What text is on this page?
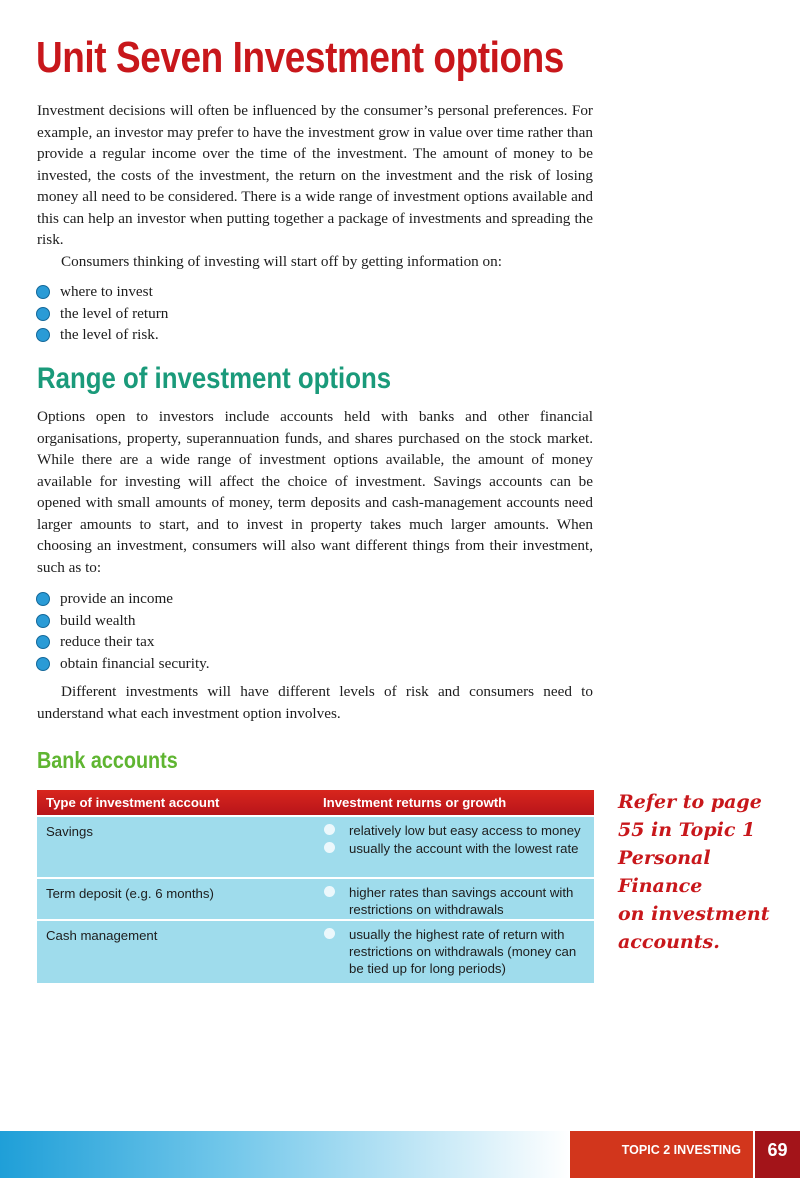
Unit Seven Investment options

Investment decisions will often be influenced by the consumer’s personal preferences. For example, an investor may prefer to have the investment grow in value over time rather than provide a regular income over the time of the investment. The amount of money to be invested, the costs of the investment, the return on the investment and the risk of losing money all need to be considered. There is a wide range of investment options available and this can help an investor when putting together a package of investments and spreading the risk.

Consumers thinking of investing will start off by getting information on:

where to invest
the level of return
the level of risk.
Range of investment options

Options open to investors include accounts held with banks and other financial organisations, property, superannuation funds, and shares purchased on the stock market. While there are a wide range of investment options available, the amount of money available for investing will affect the choice of investment. Savings accounts can be opened with small amounts of money, term deposits and cash-management accounts need larger amounts to start, and to invest in property takes much larger amounts. When choosing an investment, consumers will also want different things from their investment, such as to:

provide an income
build wealth
reduce their tax
obtain financial security.

Different investments will have different levels of risk and consumers need to understand what each investment option involves.

Bank accounts
Type of investment account	Investment returns or growth
Savings	relatively low but easy access to money
usually the account with the lowest rate
Term deposit (e.g. 6 months)	higher rates than savings account with restrictions on withdrawals
Cash management	usually the highest rate of return with restrictions on withdrawals (money can be tied up for long periods)
Refer to page
55 in Topic 1
Personal Finance
on investment
accounts.
TOPIC 2 INVESTING	69
